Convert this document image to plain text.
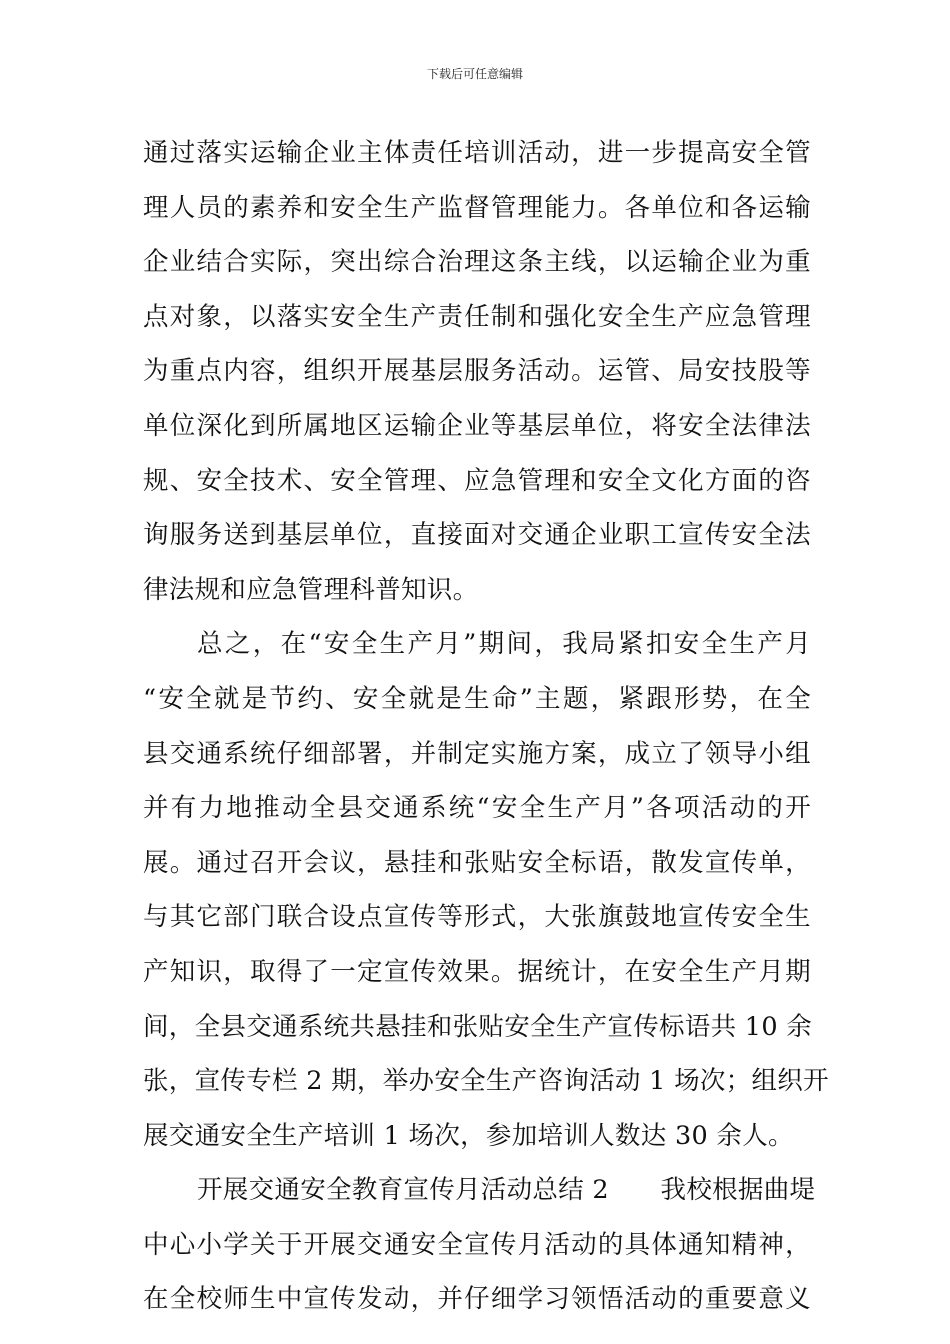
下载后可任意编辑
通过落实运输企业主体责任培训活动，进一步提高安全管
理人员的素养和安全生产监督管理能力。各单位和各运输
企业结合实际，突出综合治理这条主线，以运输企业为重
点对象，以落实安全生产责任制和强化安全生产应急管理
为重点内容，组织开展基层服务活动。运管、局安技股等
单位深化到所属地区运输企业等基层单位，将安全法律法
规、安全技术、安全管理、应急管理和安全文化方面的咨
询服务送到基层单位，直接面对交通企业职工宣传安全法
律法规和应急管理科普知识。
总之，在“安全生产月”期间，我局紧扣安全生产月
“安全就是节约、安全就是生命”主题，紧跟形势，在全
县交通系统仔细部署，并制定实施方案，成立了领导小组
并有力地推动全县交通系统“安全生产月”各项活动的开
展。通过召开会议，悬挂和张贴安全标语，散发宣传单，
与其它部门联合设点宣传等形式，大张旗鼓地宣传安全生
产知识，取得了一定宣传效果。据统计，在安全生产月期
间，全县交通系统共悬挂和张贴安全生产宣传标语共 10 余
张，宣传专栏 2 期，举办安全生产咨询活动 1 场次；组织开
展交通安全生产培训 1 场次，参加培训人数达 30 余人。
开展交通安全教育宣传月活动总结 2　　我校根据曲堤
中心小学关于开展交通安全宣传月活动的具体通知精神，
在全校师生中宣传发动，并仔细学习领悟活动的重要意义
